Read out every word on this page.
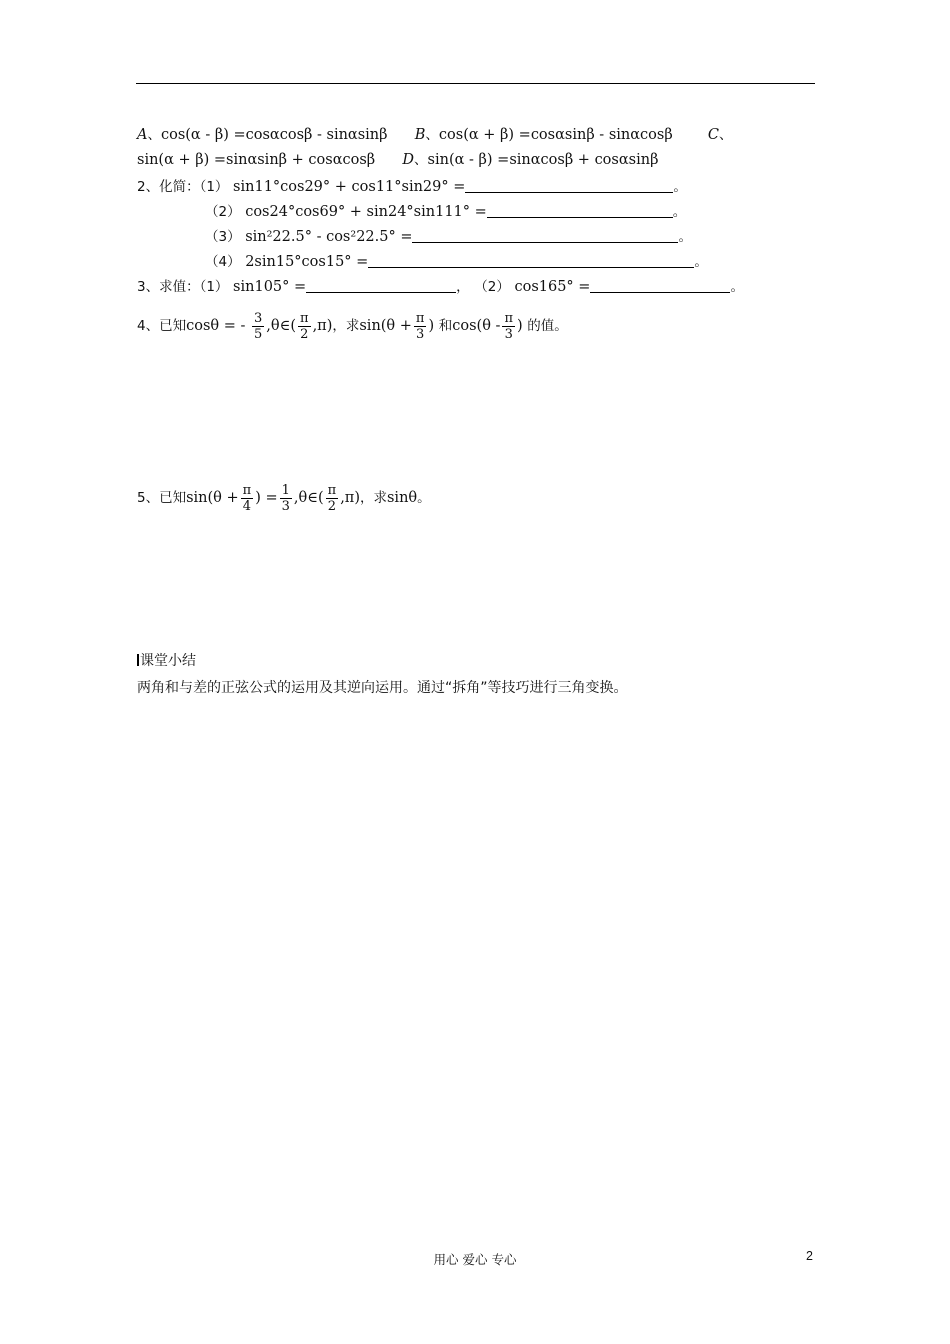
A、cos(α - β) =cosαcosβ - sinαsinβ B、cos(α + β) =cosαsinβ - sinαcosβ C、
sin(α + β) =sinαsinβ + cosαcosβ D、sin(α - β) =sinαcosβ + cosαsinβ
2、化简：（1） sin11°cos29° + cos11°sin29° =	。
（2） cos24°cos69° + sin24°sin111° =	。
（3） sin²22.5° - cos²22.5° =	。
（4） 2sin15°cos15° =	。
3、求值：（1） sin105° =	， （2） cos165° =	。
4、已知cosθ = - $\frac{3}{5}$ ,θ∈( $\frac{\pi}{2} ,\pi$)，求$\sin(\theta + \frac{\pi}{3}$ ) 和$\cos(\theta - \frac{\pi}{3}$ ) 的值。
5、已知$\sin(\theta + \frac{\pi}{4}$ ) = $\frac{1}{3}$ ,θ∈( $\frac{\pi}{2} ,\pi$)，求sinθ。
课堂小结
两角和与差的正弦公式的运用及其逆向运用。通过“拆角”等技巧进行三角变换。
用心 爱心 专心	2
